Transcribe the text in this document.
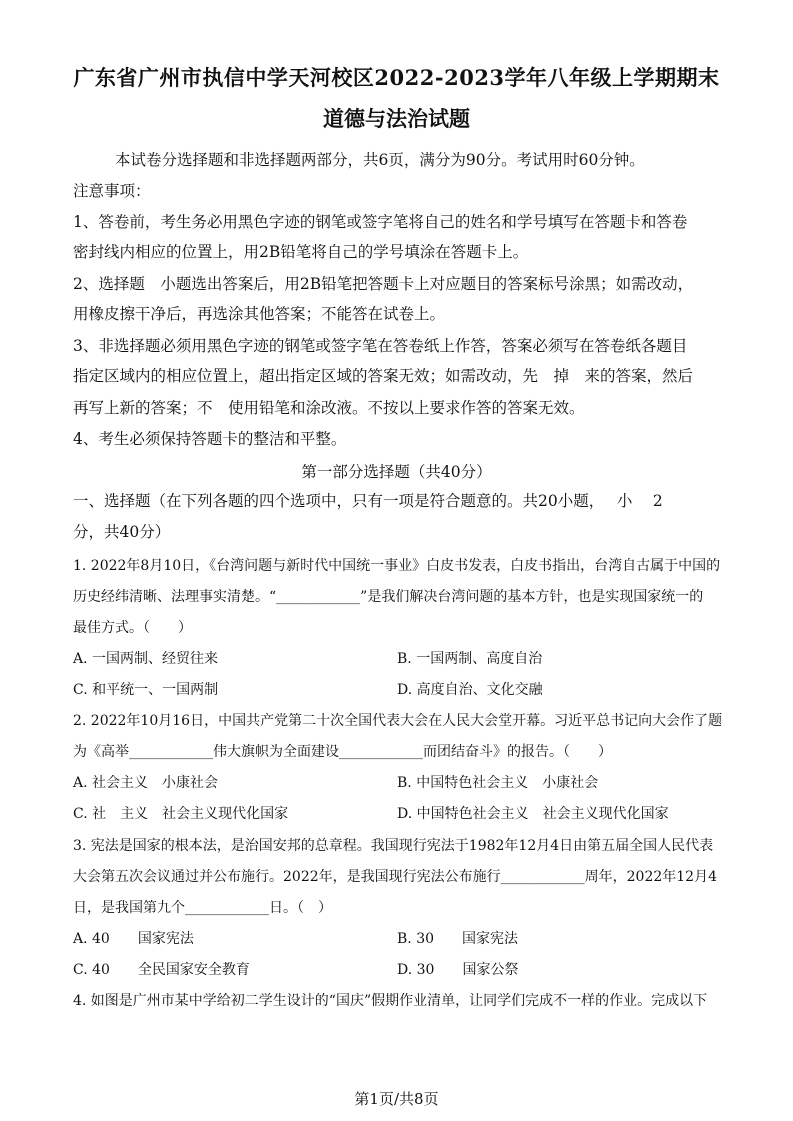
广东省广州市执信中学天河校区2022-2023学年八年级上学期期末
道德与法治试题
本试卷分选择题和非选择题两部分，共6页，满分为90分。考试用时60分钟。
注意事项：
1、答卷前，考生务必用黑色字迹的钢笔或签字笔将自己的姓名和学号填写在答题卡和答卷
密封线内相应的位置上，用2B铅笔将自己的学号填涂在答题卡上。
2、选择题　小题选出答案后，用2B铅笔把答题卡上对应题目的答案标号涂黑；如需改动，
用橡皮擦干净后，再选涂其他答案；不能答在试卷上。
3、非选择题必须用黑色字迹的钢笔或签字笔在答卷纸上作答，答案必须写在答卷纸各题目
指定区域内的相应位置上，超出指定区域的答案无效；如需改动，先　掉　来的答案，然后
再写上新的答案；不　使用铅笔和涂改液。不按以上要求作答的答案无效。
4、考生必须保持答题卡的整洁和平整。
第一部分选择题（共40分）
一、选择题（在下列各题的四个选项中，只有一项是符合题意的。共20小题，　 小　 2
分，共40分）
1. 2022年8月10日，《台湾问题与新时代中国统一事业》白皮书发表，白皮书指出，台湾自古属于中国的
历史经纬清晰、法理事实清楚。“____________”是我们解决台湾问题的基本方针，也是实现国家统一的
最佳方式。（　　）
A. 一国两制、经贸往来	B. 一国两制、高度自治
C. 和平统一、一国两制	D. 高度自治、文化交融
2. 2022年10月16日，中国共产党第二十次全国代表大会在人民大会堂开幕。习近平总书记向大会作了题
为《高举____________伟大旗帜为全面建设____________而团结奋斗》的报告。（　　）
A. 社会主义　小康社会	B. 中国特色社会主义　小康社会
C. 社　主义　社会主义现代化国家	D. 中国特色社会主义　社会主义现代化国家
3. 宪法是国家的根本法，是治国安邦的总章程。我国现行宪法于1982年12月4日由第五届全国人民代表
大会第五次会议通过并公布施行。2022年，是我国现行宪法公布施行____________周年，2022年12月4
日，是我国第九个____________日。（　）
A. 40　　国家宪法	B. 30　　国家宪法
C. 40　　全民国家安全教育	D. 30　　国家公祭
4. 如图是广州市某中学给初二学生设计的“国庆”假期作业清单，让同学们完成不一样的作业。完成以下
第1页/共8页
